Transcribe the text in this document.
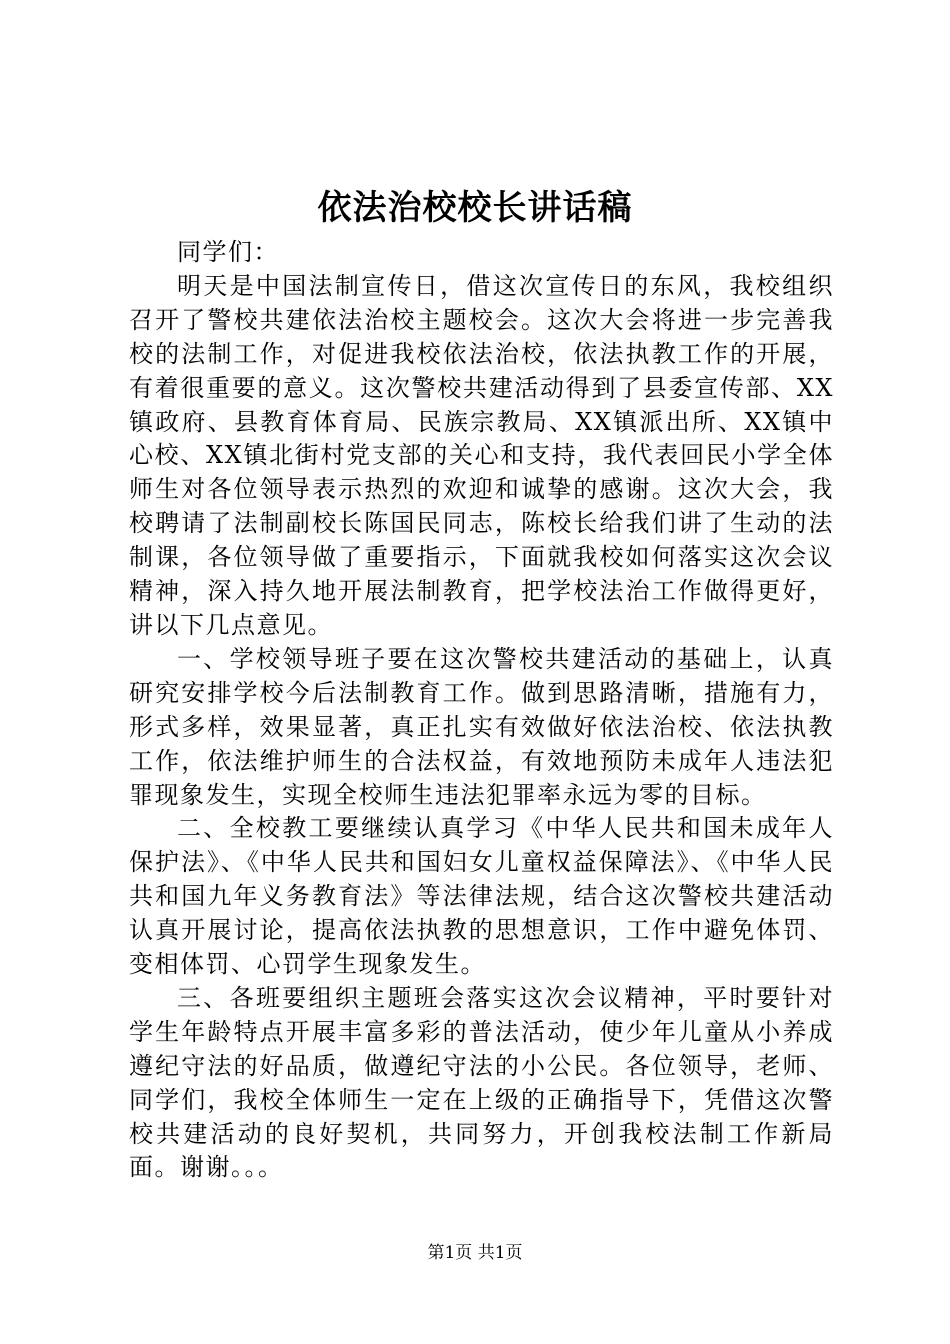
依法治校校长讲话稿

同学们：

明天是中国法制宣传日，借这次宣传日的东风，我校组织召开了警校共建依法治校主题校会。这次大会将进一步完善我校的法制工作，对促进我校依法治校，依法执教工作的开展，有着很重要的意义。这次警校共建活动得到了县委宣传部、XX镇政府、县教育体育局、民族宗教局、XX镇派出所、XX镇中心校、XX镇北街村党支部的关心和支持，我代表回民小学全体师生对各位领导表示热烈的欢迎和诚挚的感谢。这次大会，我校聘请了法制副校长陈国民同志，陈校长给我们讲了生动的法制课，各位领导做了重要指示，下面就我校如何落实这次会议精神，深入持久地开展法制教育，把学校法治工作做得更好，讲以下几点意见。

一、学校领导班子要在这次警校共建活动的基础上，认真研究安排学校今后法制教育工作。做到思路清晰，措施有力，形式多样，效果显著，真正扎实有效做好依法治校、依法执教工作，依法维护师生的合法权益，有效地预防未成年人违法犯罪现象发生，实现全校师生违法犯罪率永远为零的目标。

二、全校教工要继续认真学习《中华人民共和国未成年人保护法》、《中华人民共和国妇女儿童权益保障法》、《中华人民共和国九年义务教育法》等法律法规，结合这次警校共建活动认真开展讨论，提高依法执教的思想意识，工作中避免体罚、变相体罚、心罚学生现象发生。

三、各班要组织主题班会落实这次会议精神，平时要针对学生年龄特点开展丰富多彩的普法活动，使少年儿童从小养成遵纪守法的好品质，做遵纪守法的小公民。各位领导，老师、同学们，我校全体师生一定在上级的正确指导下，凭借这次警校共建活动的良好契机，共同努力，开创我校法制工作新局面。谢谢。。。

第1页 共1页
